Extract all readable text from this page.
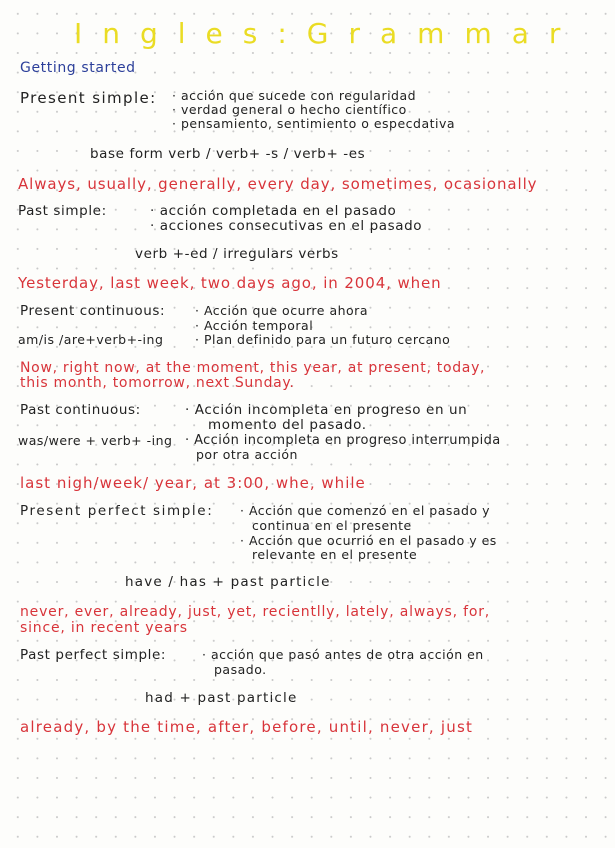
Ingles:Grammar
Getting started
Present simple: · acción que sucede con regularidad
· verdad general o hecho científico
· pensamiento, sentimiento o especdativa
base form verb / verb+ -s / verb+ -es
Always, usually, generally, every day, sometimes, ocasionally
Past simple:	· acción completada en el pasado
· acciones consecutivas en el pasado
verb +-ed / irregulars verbs
Yesterday, last week, two days ago, in 2004, when
Present continuous: · Acción que ocurre ahora
· Acción temporal
am/is /are+verb+-ing	· Plan definido para un futuro cercano
Now, right now, at the moment, this year, at present, today,
this month, tomorrow, next Sunday.
Past continuous:	· Acción incompleta en progreso en un
momento del pasado.
was/were + verb+ -ing · Acción incompleta en progreso interrumpida
por otra acción
last nigh/week/ year, at 3:00, whe, while
Present perfect simple: · Acción que comenzó en el pasado y
continua en el presente
· Acción que ocurrió en el pasado y es
relevante en el presente
have / has + past particle
never, ever, already, just, yet, recientlly, lately, always, for,
since, in recent years
Past perfect simple:	· acción que pasó antes de otra acción en
pasado.
had + past particle
already, by the time, after, before, until, never, just
